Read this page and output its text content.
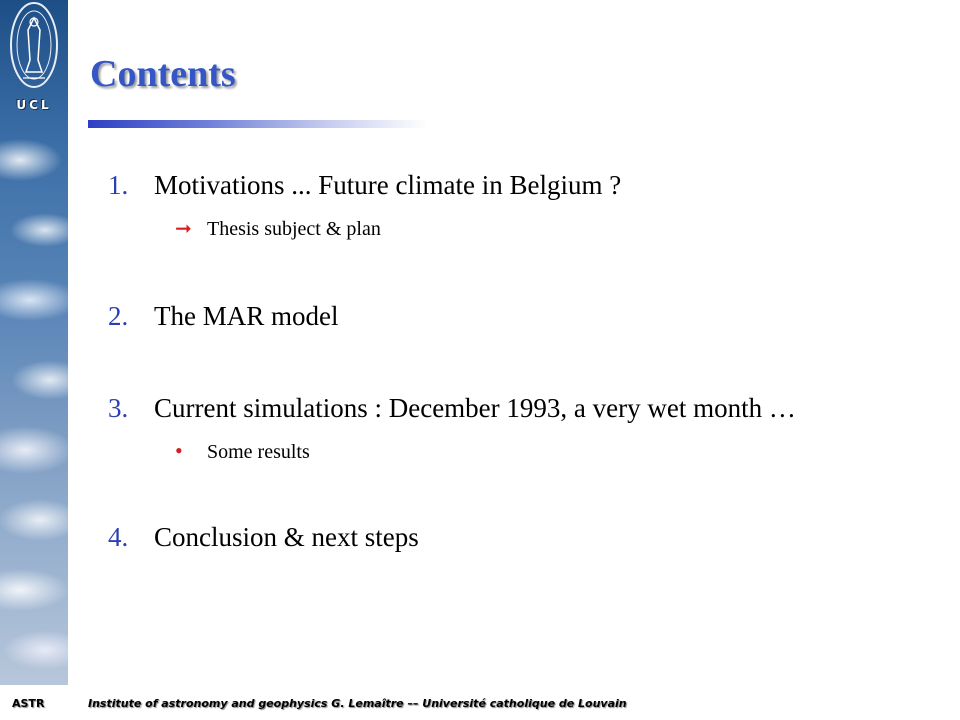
UCL
Contents
1. Motivations ... Future climate in Belgium ?
➞ Thesis subject & plan
2. The MAR model
3. Current simulations : December 1993, a very wet month …
• Some results
4. Conclusion & next steps
ASTR	Institute of astronomy and geophysics G. Lemaître –– Université catholique de Louvain
